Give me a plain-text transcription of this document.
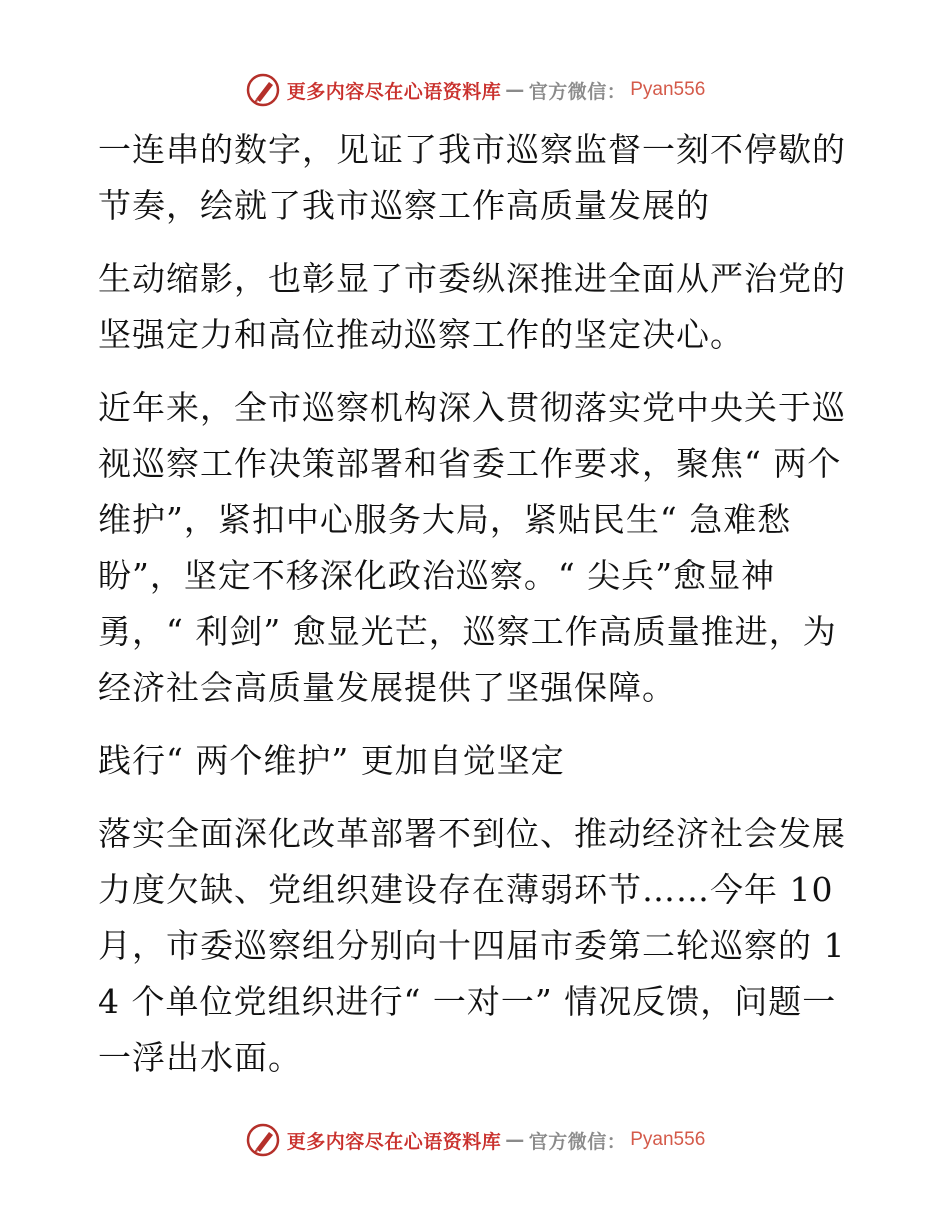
更多内容尽在心语资料库 — 官方微信： Pyan556

一连串的数字，见证了我市巡察监督一刻不停歇的节奏，绘就了我市巡察工作高质量发展的

生动缩影，也彰显了市委纵深推进全面从严治党的坚强定力和高位推动巡察工作的坚定决心。

近年来，全市巡察机构深入贯彻落实党中央关于巡视巡察工作决策部署和省委工作要求，聚焦“ 两个维护”，紧扣中心服务大局，紧贴民生“ 急难愁盼”，坚定不移深化政治巡察。“ 尖兵”愈显神勇，“ 利剑” 愈显光芒，巡察工作高质量推进，为经济社会高质量发展提供了坚强保障。

践行“ 两个维护” 更加自觉坚定

落实全面深化改革部署不到位、推动经济社会发展力度欠缺、党组织建设存在薄弱环节……今年 10 月，市委巡察组分别向十四届市委第二轮巡察的 14 个单位党组织进行“ 一对一” 情况反馈，问题一一浮出水面。

更多内容尽在心语资料库 — 官方微信： Pyan556
